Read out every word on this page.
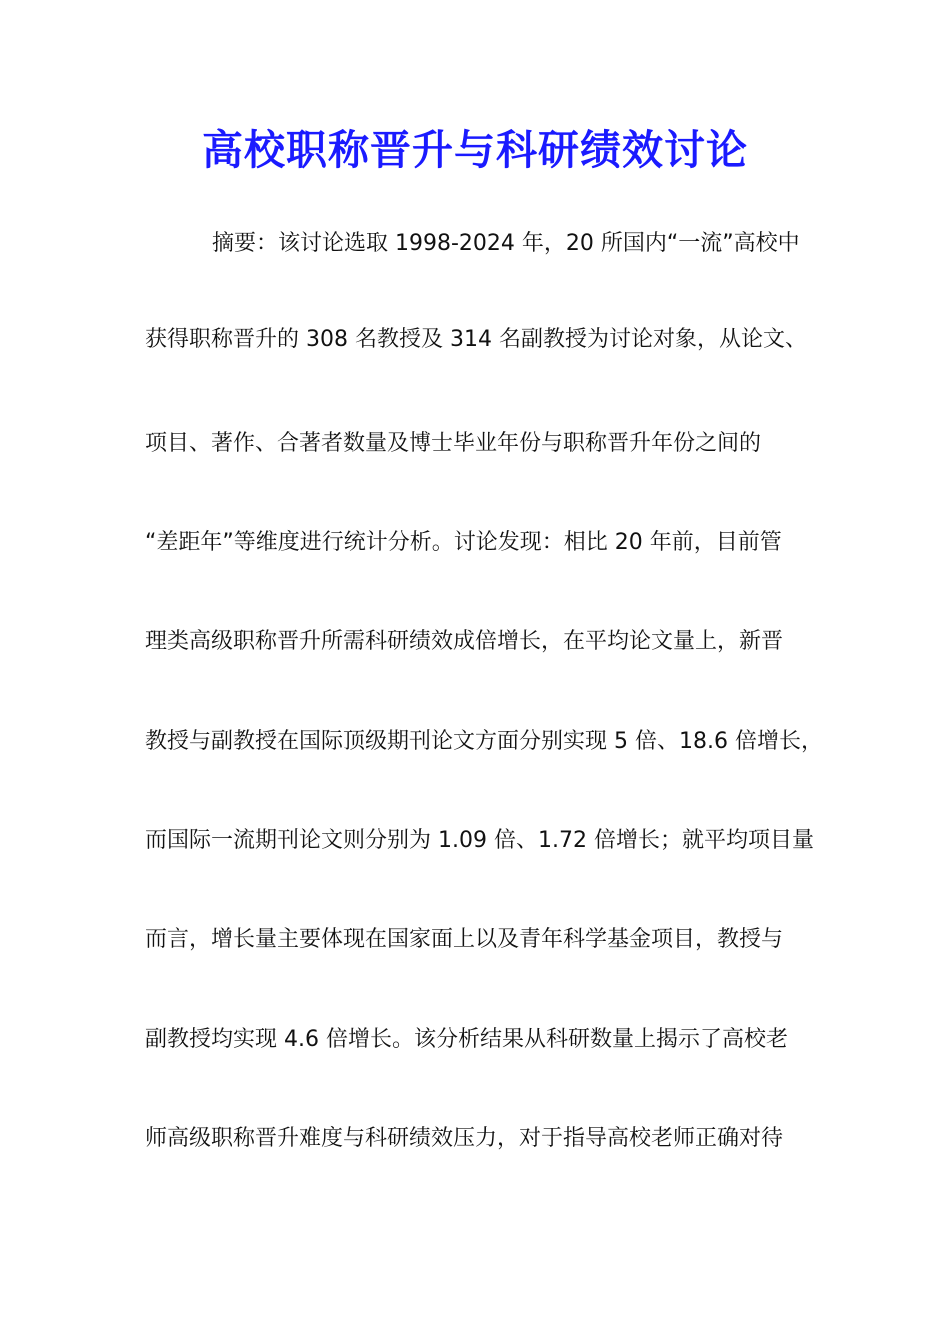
高校职称晋升与科研绩效讨论

摘要：该讨论选取 1998-2024 年，20 所国内“一流”高校中

获得职称晋升的 308 名教授及 314 名副教授为讨论对象，从论文、

项目、著作、合著者数量及博士毕业年份与职称晋升年份之间的

“差距年”等维度进行统计分析。讨论发现：相比 20 年前，目前管

理类高级职称晋升所需科研绩效成倍增长，在平均论文量上，新晋

教授与副教授在国际顶级期刊论文方面分别实现 5 倍、18.6 倍增长，

而国际一流期刊论文则分别为 1.09 倍、1.72 倍增长；就平均项目量

而言，增长量主要体现在国家面上以及青年科学基金项目，教授与

副教授均实现 4.6 倍增长。该分析结果从科研数量上揭示了高校老

师高级职称晋升难度与科研绩效压力，对于指导高校老师正确对待
